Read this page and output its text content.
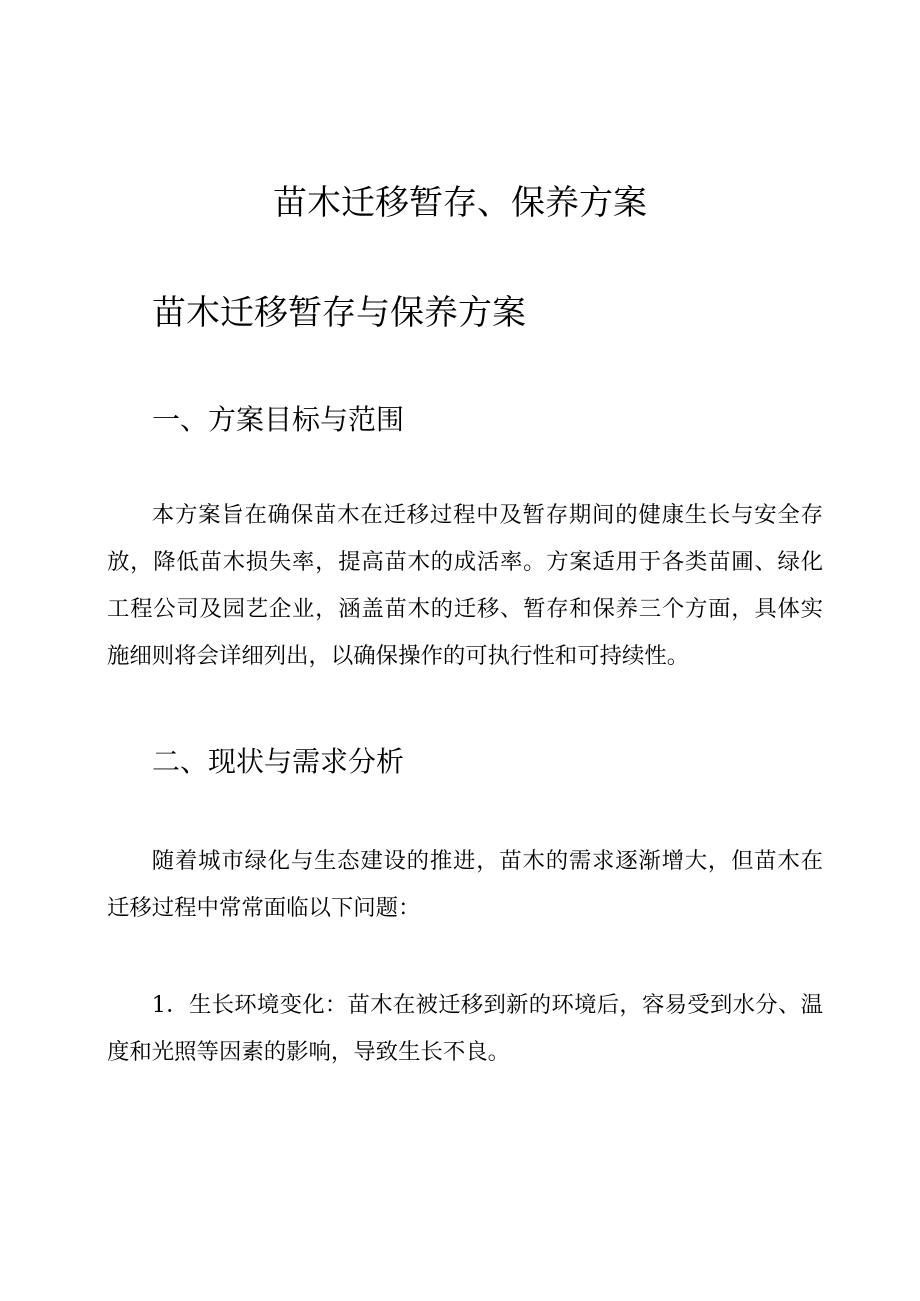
苗木迁移暂存、保养方案
苗木迁移暂存与保养方案
一、方案目标与范围

本方案旨在确保苗木在迁移过程中及暂存期间的健康生长与安全存放，降低苗木损失率，提高苗木的成活率。方案适用于各类苗圃、绿化工程公司及园艺企业，涵盖苗木的迁移、暂存和保养三个方面，具体实施细则将会详细列出，以确保操作的可执行性和可持续性。

二、现状与需求分析

随着城市绿化与生态建设的推进，苗木的需求逐渐增大，但苗木在迁移过程中常常面临以下问题：

1．生长环境变化：苗木在被迁移到新的环境后，容易受到水分、温度和光照等因素的影响，导致生长不良。
